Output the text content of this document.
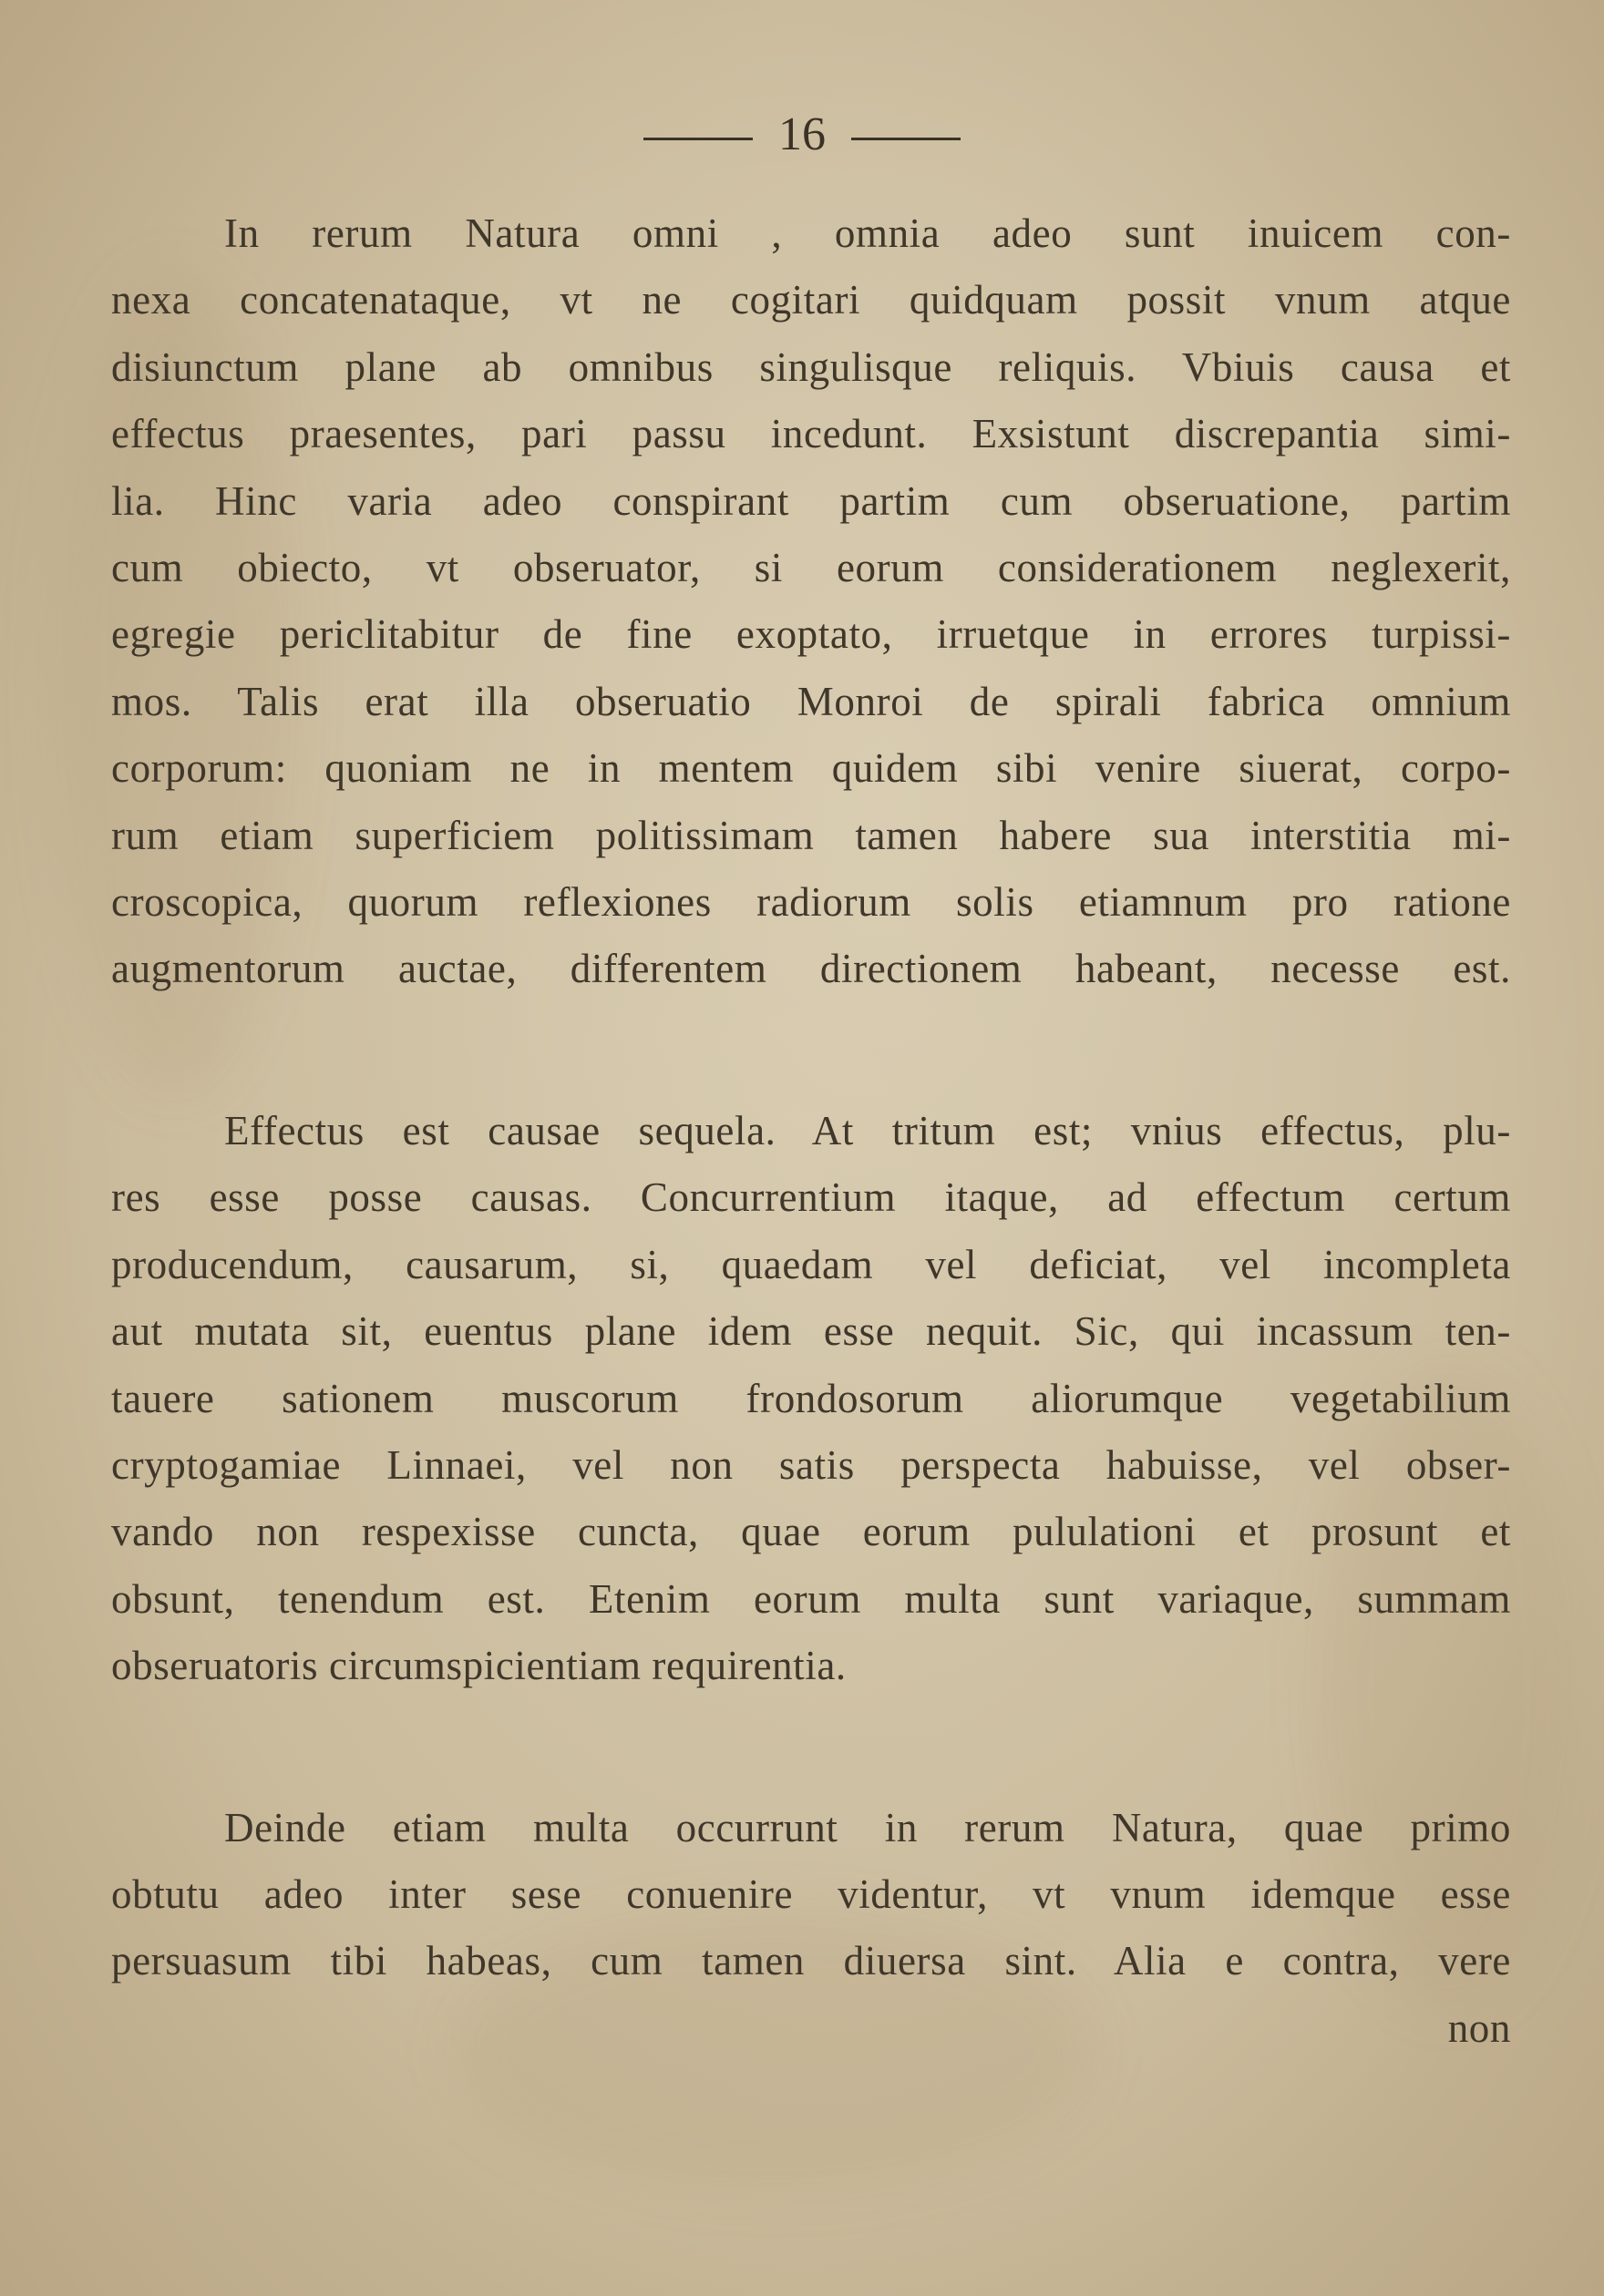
16
In rerum Natura omni , omnia adeo sunt inuicem con-
nexa concatenataque, vt ne cogitari quidquam possit vnum atque
disiunctum plane ab omnibus singulisque reliquis. Vbiuis causa et
effectus praesentes, pari passu incedunt. Exsistunt discrepantia simi-
lia. Hinc varia adeo conspirant partim cum obseruatione, partim
cum obiecto, vt obseruator, si eorum considerationem neglexerit,
egregie periclitabitur de fine exoptato, irruetque in errores turpissi-
mos. Talis erat illa obseruatio Monroi de spirali fabrica omnium
corporum: quoniam ne in mentem quidem sibi venire siuerat, corpo-
rum etiam superficiem politissimam tamen habere sua interstitia mi-
croscopica, quorum reflexiones radiorum solis etiamnum pro ratione
augmentorum auctae, differentem directionem habeant, necesse est.
Effectus est causae sequela. At tritum est; vnius effectus, plu-
res esse posse causas. Concurrentium itaque, ad effectum certum
producendum, causarum, si, quaedam vel deficiat, vel incompleta
aut mutata sit, euentus plane idem esse nequit. Sic, qui incassum ten-
tauere sationem muscorum frondosorum aliorumque vegetabilium
cryptogamiae Linnaei, vel non satis perspecta habuisse, vel obser-
vando non respexisse cuncta, quae eorum pululationi et prosunt et
obsunt, tenendum est. Etenim eorum multa sunt variaque, summam
obseruatoris circumspicientiam requirentia.
Deinde etiam multa occurrunt in rerum Natura, quae primo
obtutu adeo inter sese conuenire videntur, vt vnum idemque esse
persuasum tibi habeas, cum tamen diuersa sint. Alia e contra, vere
non
